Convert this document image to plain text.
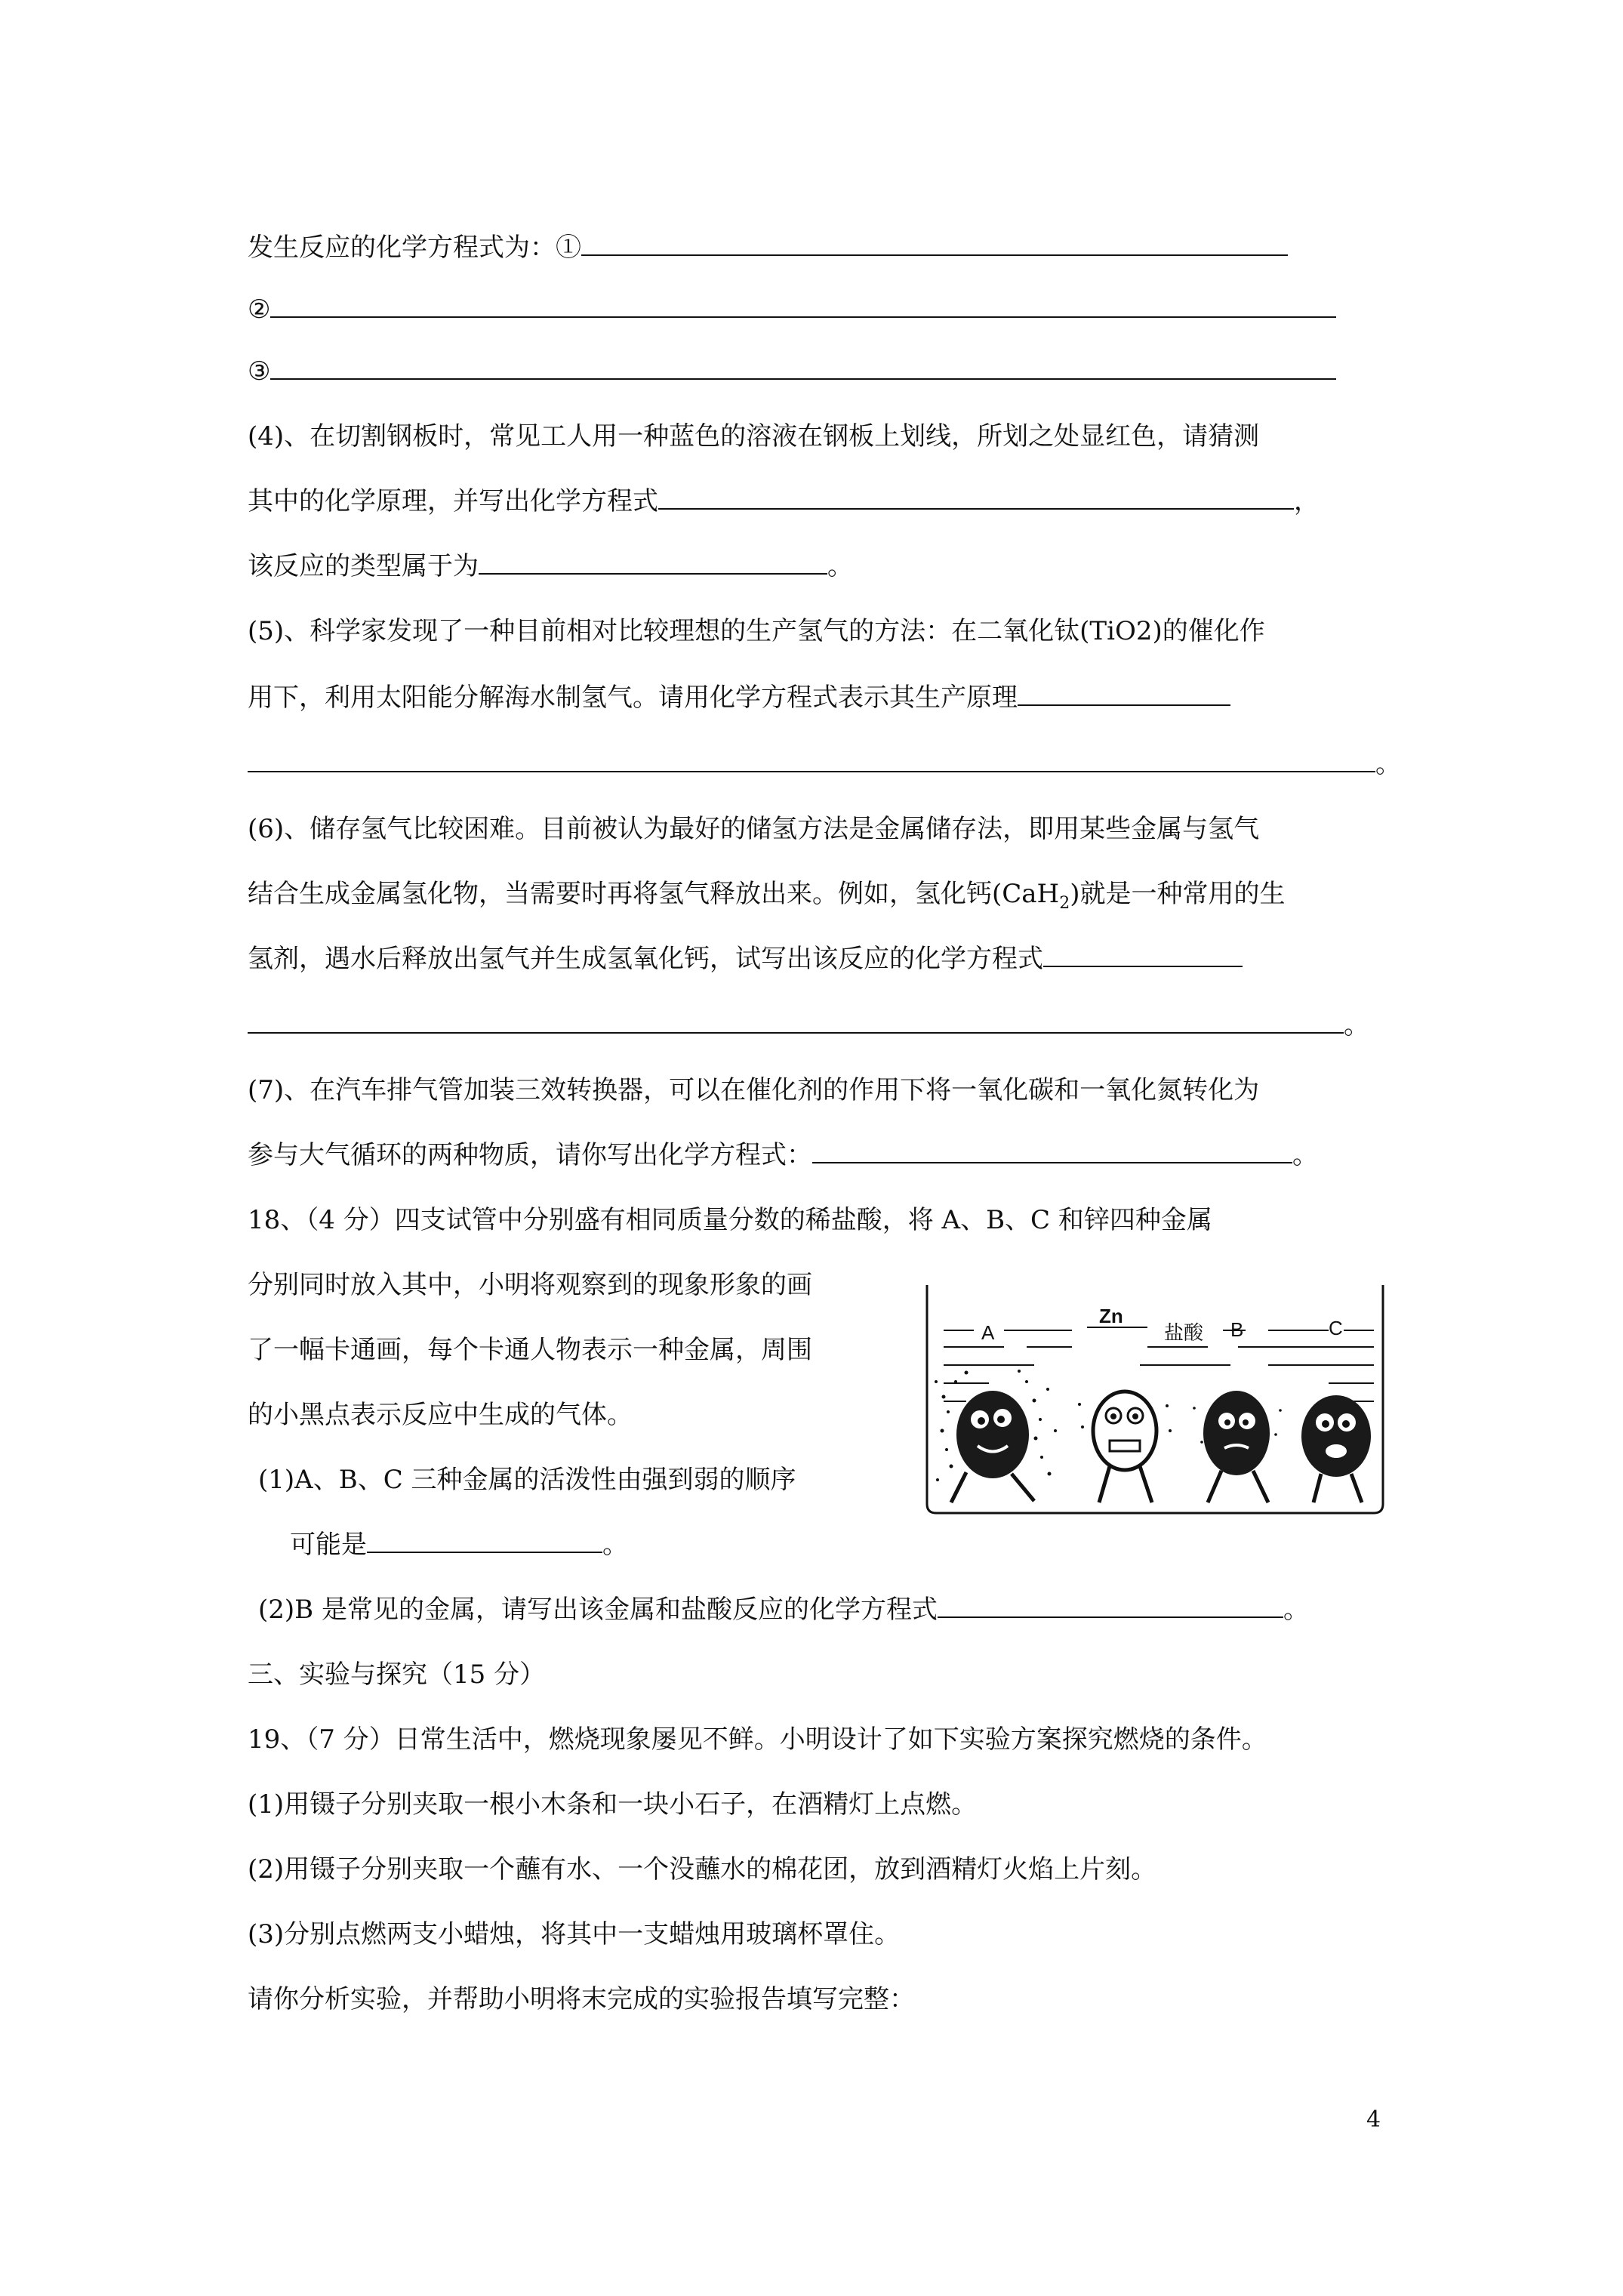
发生反应的化学方程式为：①
②
③
(4)、在切割钢板时，常见工人用一种蓝色的溶液在钢板上划线，所划之处显红色，请猜测
其中的化学原理，并写出化学方程式	，
该反应的类型属于为	。
(5)、科学家发现了一种目前相对比较理想的生产氢气的方法：在二氧化钛(TiO2)的催化作
用下，利用太阳能分解海水制氢气。请用化学方程式表示其生产原理
。
(6)、储存氢气比较困难。目前被认为最好的储氢方法是金属储存法，即用某些金属与氢气
结合生成金属氢化物，当需要时再将氢气释放出来。例如，氢化钙(CaH$_2$)就是一种常用的生
氢剂，遇水后释放出氢气并生成氢氧化钙，试写出该反应的化学方程式
。
(7)、在汽车排气管加装三效转换器，可以在催化剂的作用下将一氧化碳和一氧化氮转化为
参与大气循环的两种物质，请你写出化学方程式：	。
18、（4 分）四支试管中分别盛有相同质量分数的稀盐酸，将 A、B、C 和锌四种金属
分别同时放入其中，小明将观察到的现象形象的画
了一幅卡通画，每个卡通人物表示一种金属，周围
的小黑点表示反应中生成的气体。
(1)A、B、C 三种金属的活泼性由强到弱的顺序
可能是	。
(2)B 是常见的金属，请写出该金属和盐酸反应的化学方程式	。
A
Zn
盐酸 B	C
三、实验与探究（15 分）
19、（7 分）日常生活中，燃烧现象屡见不鲜。小明设计了如下实验方案探究燃烧的条件。
(1)用镊子分别夹取一根小木条和一块小石子，在酒精灯上点燃。
(2)用镊子分别夹取一个蘸有水、一个没蘸水的棉花团，放到酒精灯火焰上片刻。
(3)分别点燃两支小蜡烛，将其中一支蜡烛用玻璃杯罩住。
请你分析实验，并帮助小明将末完成的实验报告填写完整：
4
